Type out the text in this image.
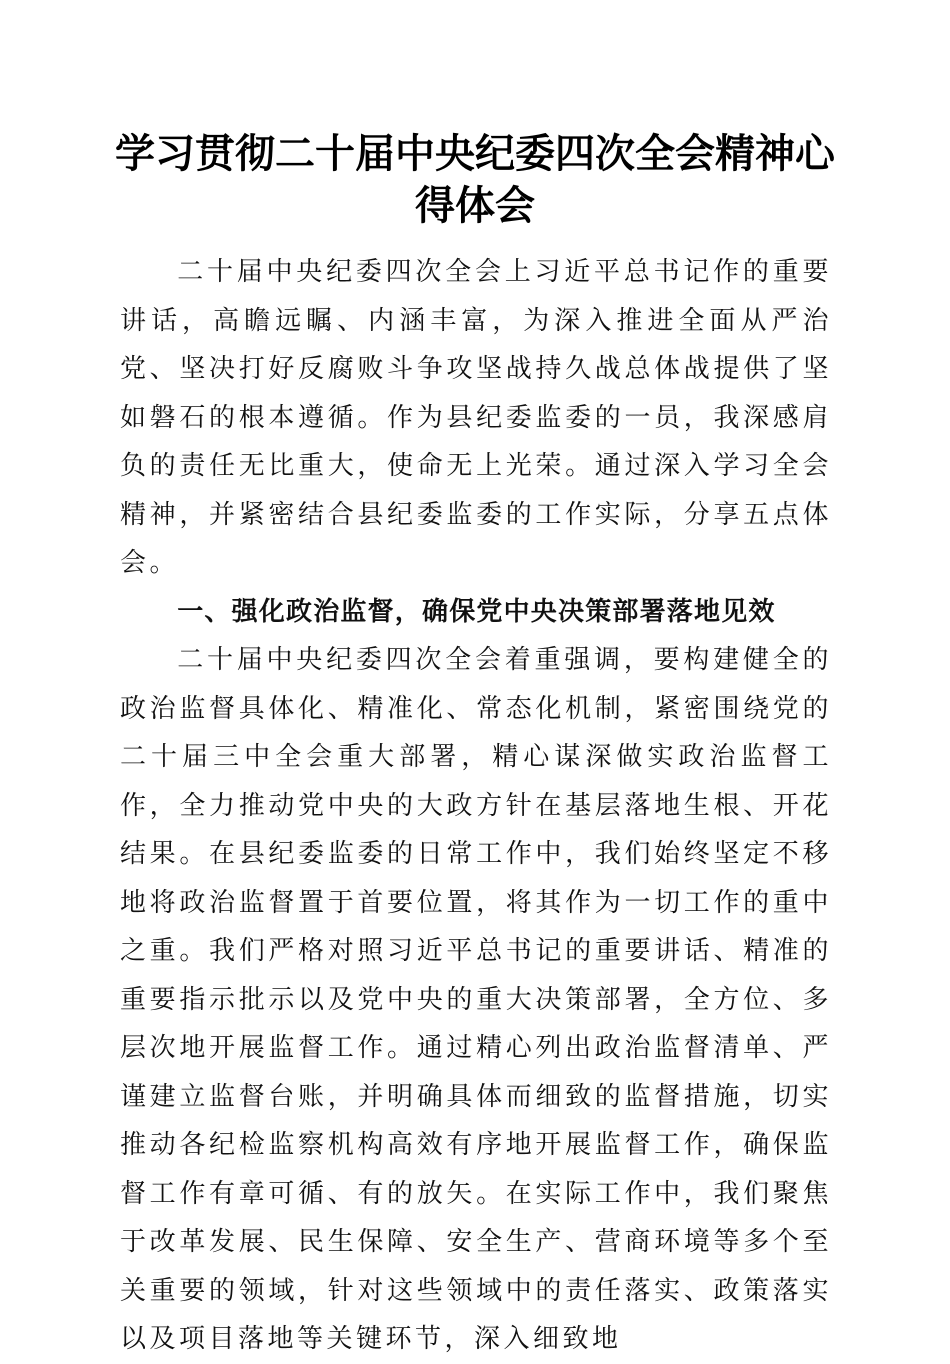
学习贯彻二十届中央纪委四次全会精神心得体会

二十届中央纪委四次全会上习近平总书记作的重要讲话，高瞻远瞩、内涵丰富，为深入推进全面从严治党、坚决打好反腐败斗争攻坚战持久战总体战提供了坚如磐石的根本遵循。作为县纪委监委的一员，我深感肩负的责任无比重大，使命无上光荣。通过深入学习全会精神，并紧密结合县纪委监委的工作实际，分享五点体会。

一、强化政治监督，确保党中央决策部署落地见效

二十届中央纪委四次全会着重强调，要构建健全的政治监督具体化、精准化、常态化机制，紧密围绕党的二十届三中全会重大部署，精心谋深做实政治监督工作，全力推动党中央的大政方针在基层落地生根、开花结果。在县纪委监委的日常工作中，我们始终坚定不移地将政治监督置于首要位置，将其作为一切工作的重中之重。我们严格对照习近平总书记的重要讲话、精准的重要指示批示以及党中央的重大决策部署，全方位、多层次地开展监督工作。通过精心列出政治监督清单、严谨建立监督台账，并明确具体而细致的监督措施，切实推动各纪检监察机构高效有序地开展监督工作，确保监督工作有章可循、有的放矢。在实际工作中，我们聚焦于改革发展、民生保障、安全生产、营商环境等多个至关重要的领域，针对这些领域中的责任落实、政策落实以及项目落地等关键环节，深入细致地
